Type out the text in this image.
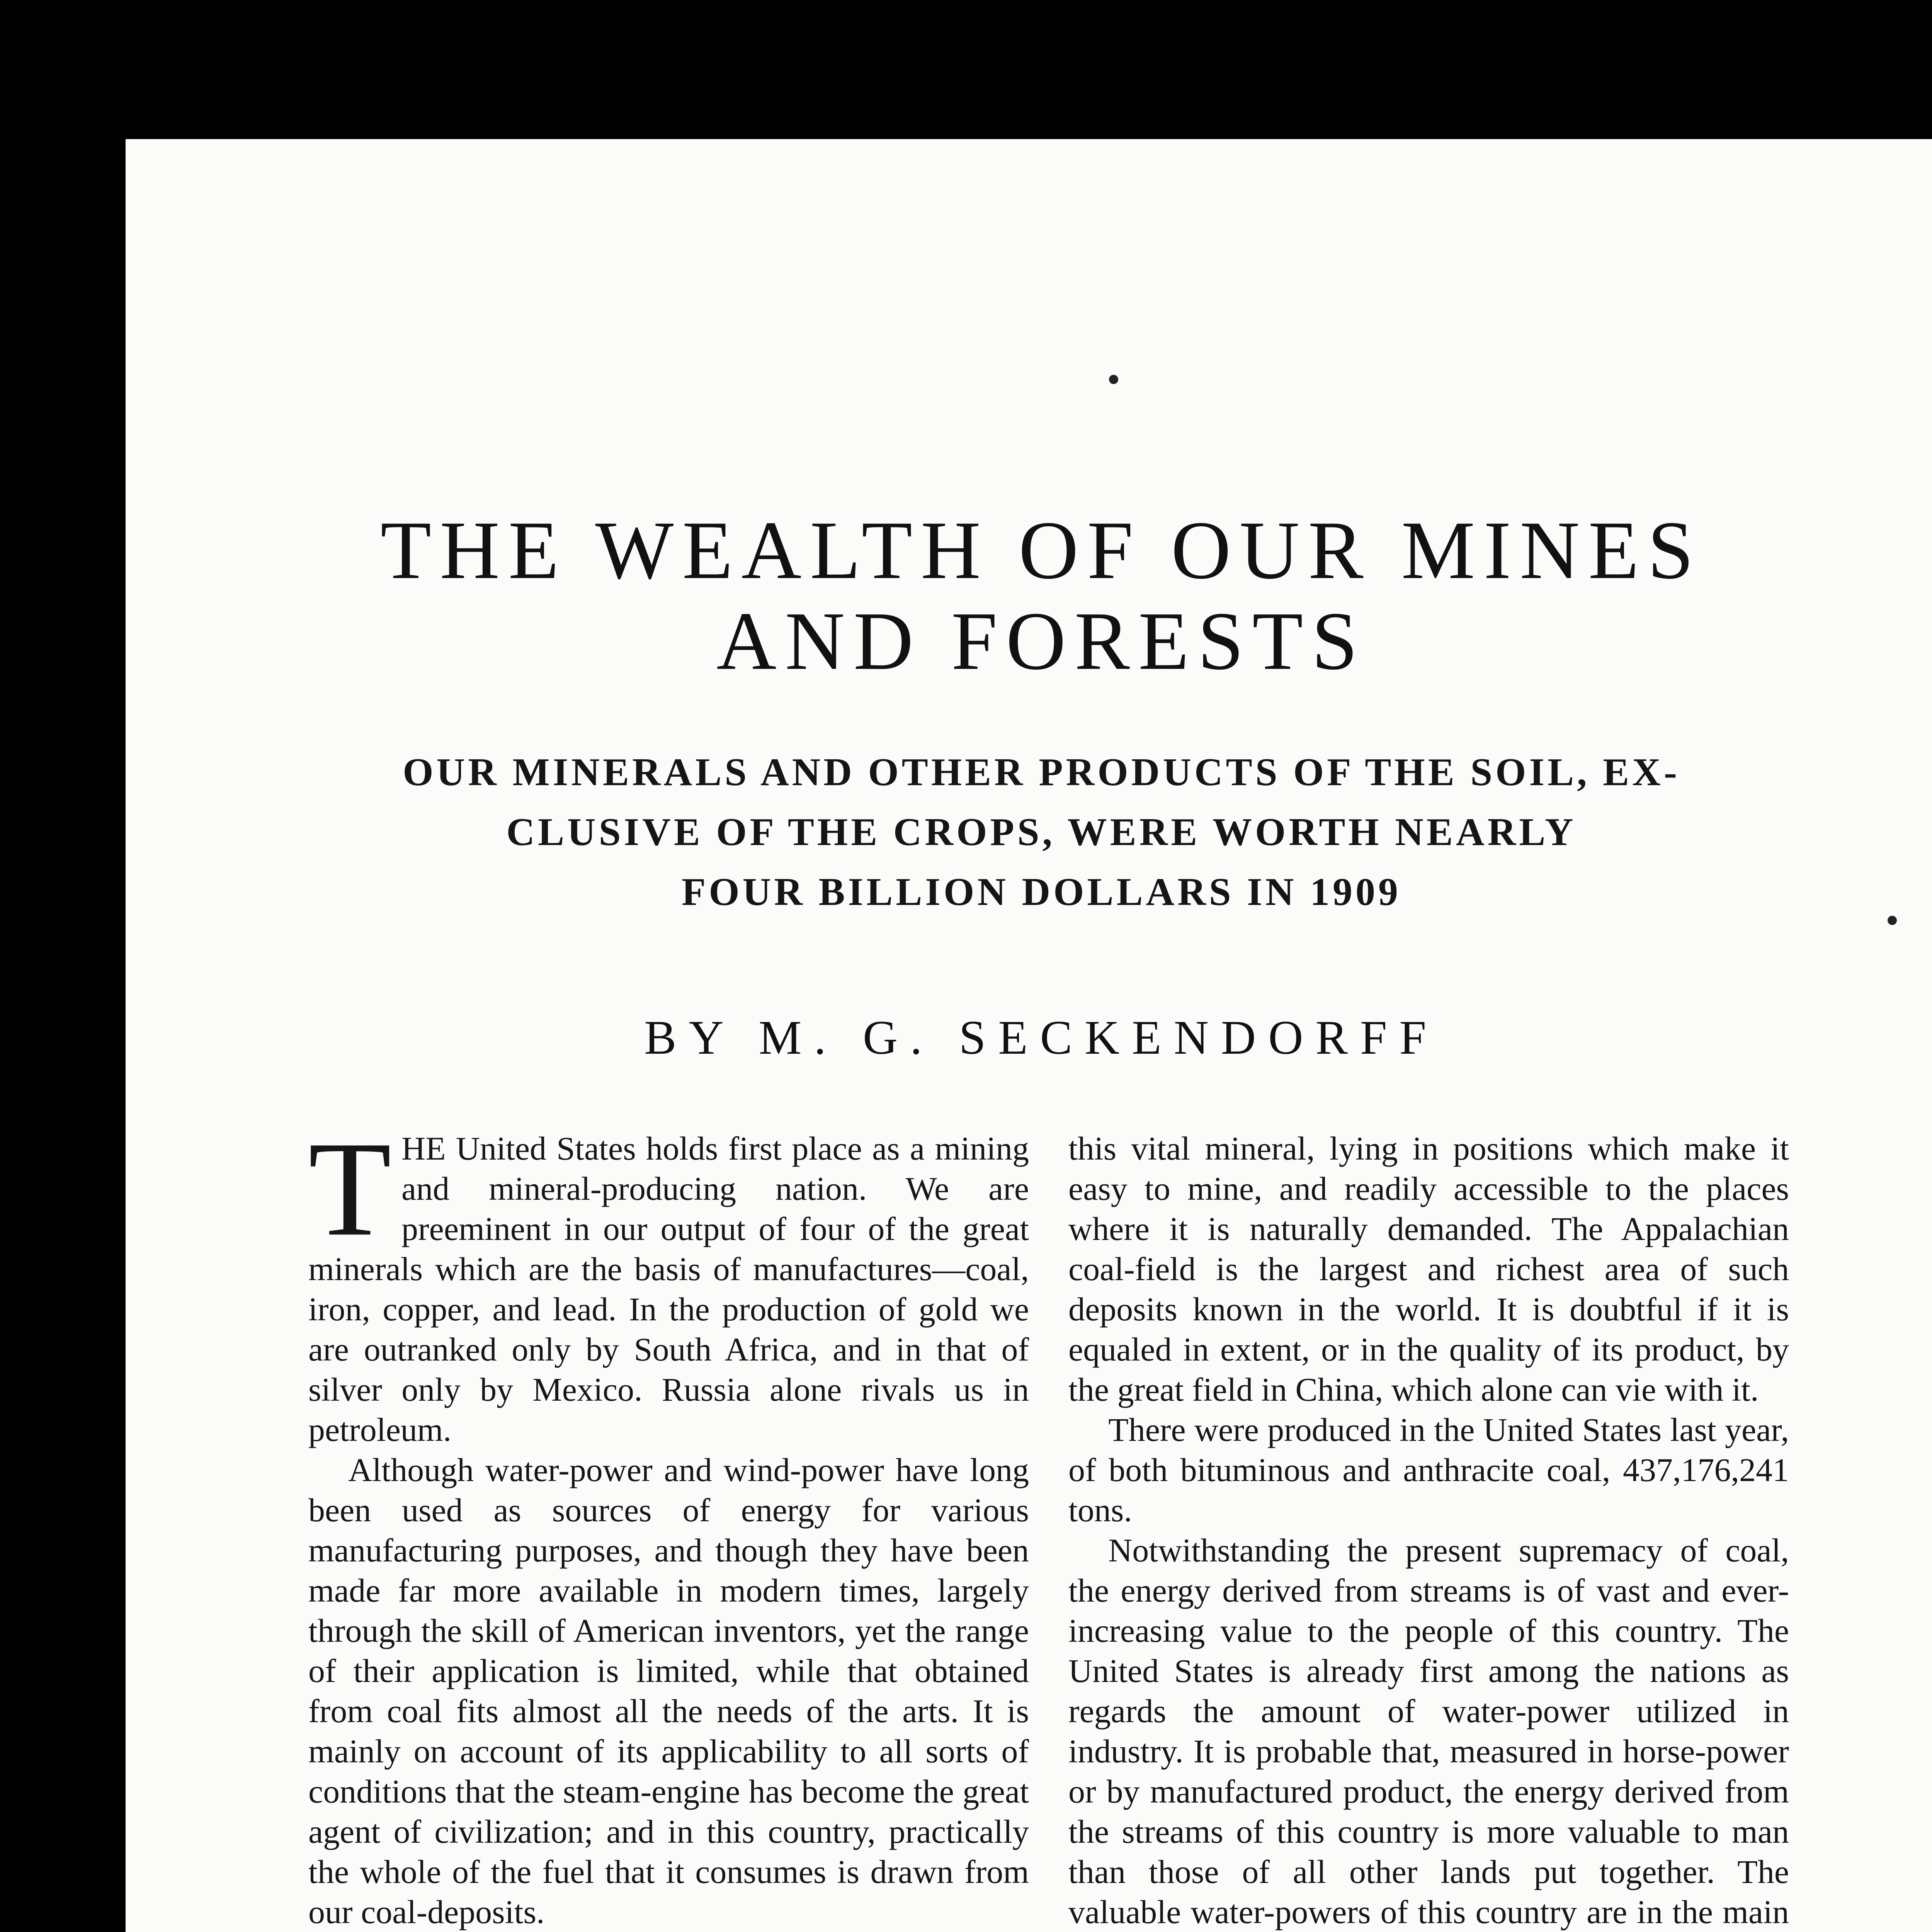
THE WEALTH OF OUR MINES
AND FORESTS
OUR MINERALS AND OTHER PRODUCTS OF THE SOIL, EX-
CLUSIVE OF THE CROPS, WERE WORTH NEARLY
FOUR BILLION DOLLARS IN 1909
BY M. G. SECKENDORFF

THE United States holds first place as a mining and mineral-producing nation. We are preeminent in our output of four of the great minerals which are the basis of manufactures—coal, iron, copper, and lead. In the production of gold we are outranked only by South Africa, and in that of silver only by Mexico. Russia alone rivals us in petroleum.

Although water-power and wind-power have long been used as sources of energy for various manufacturing purposes, and though they have been made far more available in modern times, largely through the skill of American inventors, yet the range of their application is limited, while that obtained from coal fits almost all the needs of the arts. It is mainly on account of its applicability to all sorts of conditions that the steam-engine has become the great agent of civilization; and in this country, practically the whole of the fuel that it consumes is drawn from our coal-deposits.

this vital mineral, lying in positions which make it easy to mine, and readily accessible to the places where it is naturally demanded. The Appalachian coal-field is the largest and richest area of such deposits known in the world. It is doubtful if it is equaled in extent, or in the quality of its product, by the great field in China, which alone can vie with it.

There were produced in the United States last year, of both bituminous and anthracite coal, 437,176,241 tons.

Notwithstanding the present supremacy of coal, the energy derived from streams is of vast and ever-increasing value to the people of this country. The United States is already first among the nations as regards the amount of water-power utilized in industry. It is probable that, measured in horse-power or by manufactured product, the energy derived from the streams of this country is more valuable to man than those of all other lands put together. The valuable water-powers of this country are in the main
